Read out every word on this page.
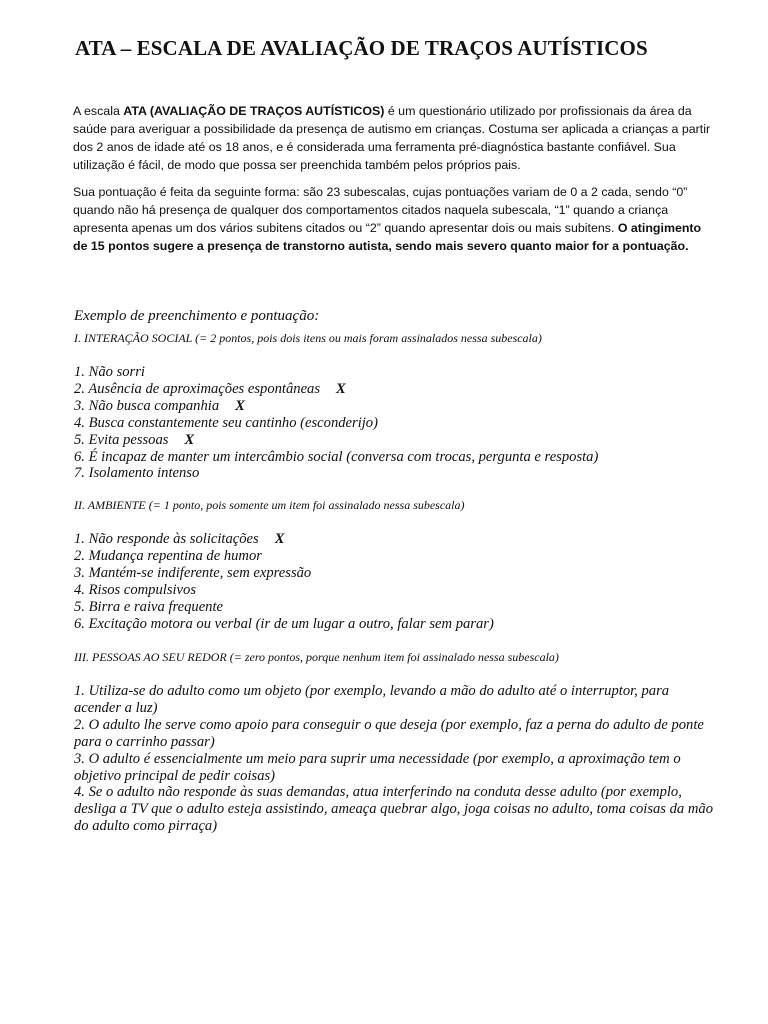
ATA – ESCALA DE AVALIAÇÃO DE TRAÇOS AUTÍSTICOS
A escala ATA (AVALIAÇÃO DE TRAÇOS AUTÍSTICOS) é um questionário utilizado por profissionais da área da saúde para averiguar a possibilidade da presença de autismo em crianças. Costuma ser aplicada a crianças a partir dos 2 anos de idade até os 18 anos, e é considerada uma ferramenta pré-diagnóstica bastante confiável. Sua utilização é fácil, de modo que possa ser preenchida também pelos próprios pais.
Sua pontuação é feita da seguinte forma: são 23 subescalas, cujas pontuações variam de 0 a 2 cada, sendo “0” quando não há presença de qualquer dos comportamentos citados naquela subescala, “1” quando a criança apresenta apenas um dos vários subitens citados ou “2” quando apresentar dois ou mais subitens. O atingimento de 15 pontos sugere a presença de transtorno autista, sendo mais severo quanto maior for a pontuação.
Exemplo de preenchimento e pontuação:
I. INTERAÇÃO SOCIAL (= 2 pontos, pois dois itens ou mais foram assinalados nessa subescala)
1. Não sorri
2. Ausência de aproximações espontâneas X
3. Não busca companhia X
4. Busca constantemente seu cantinho (esconderijo)
5. Evita pessoas X
6. É incapaz de manter um intercâmbio social (conversa com trocas, pergunta e resposta)
7. Isolamento intenso
II. AMBIENTE (= 1 ponto, pois somente um item foi assinalado nessa subescala)
1. Não responde às solicitações X
2. Mudança repentina de humor
3. Mantém-se indiferente, sem expressão
4. Risos compulsivos
5. Birra e raiva frequente
6. Excitação motora ou verbal (ir de um lugar a outro, falar sem parar)
III. PESSOAS AO SEU REDOR (= zero pontos, porque nenhum item foi assinalado nessa subescala)
1. Utiliza-se do adulto como um objeto (por exemplo, levando a mão do adulto até o interruptor, para acender a luz)
2. O adulto lhe serve como apoio para conseguir o que deseja (por exemplo, faz a perna do adulto de ponte para o carrinho passar)
3. O adulto é essencialmente um meio para suprir uma necessidade (por exemplo, a aproximação tem o objetivo principal de pedir coisas)
4. Se o adulto não responde às suas demandas, atua interferindo na conduta desse adulto (por exemplo, desliga a TV que o adulto esteja assistindo, ameaça quebrar algo, joga coisas no adulto, toma coisas da mão do adulto como pirraça)
